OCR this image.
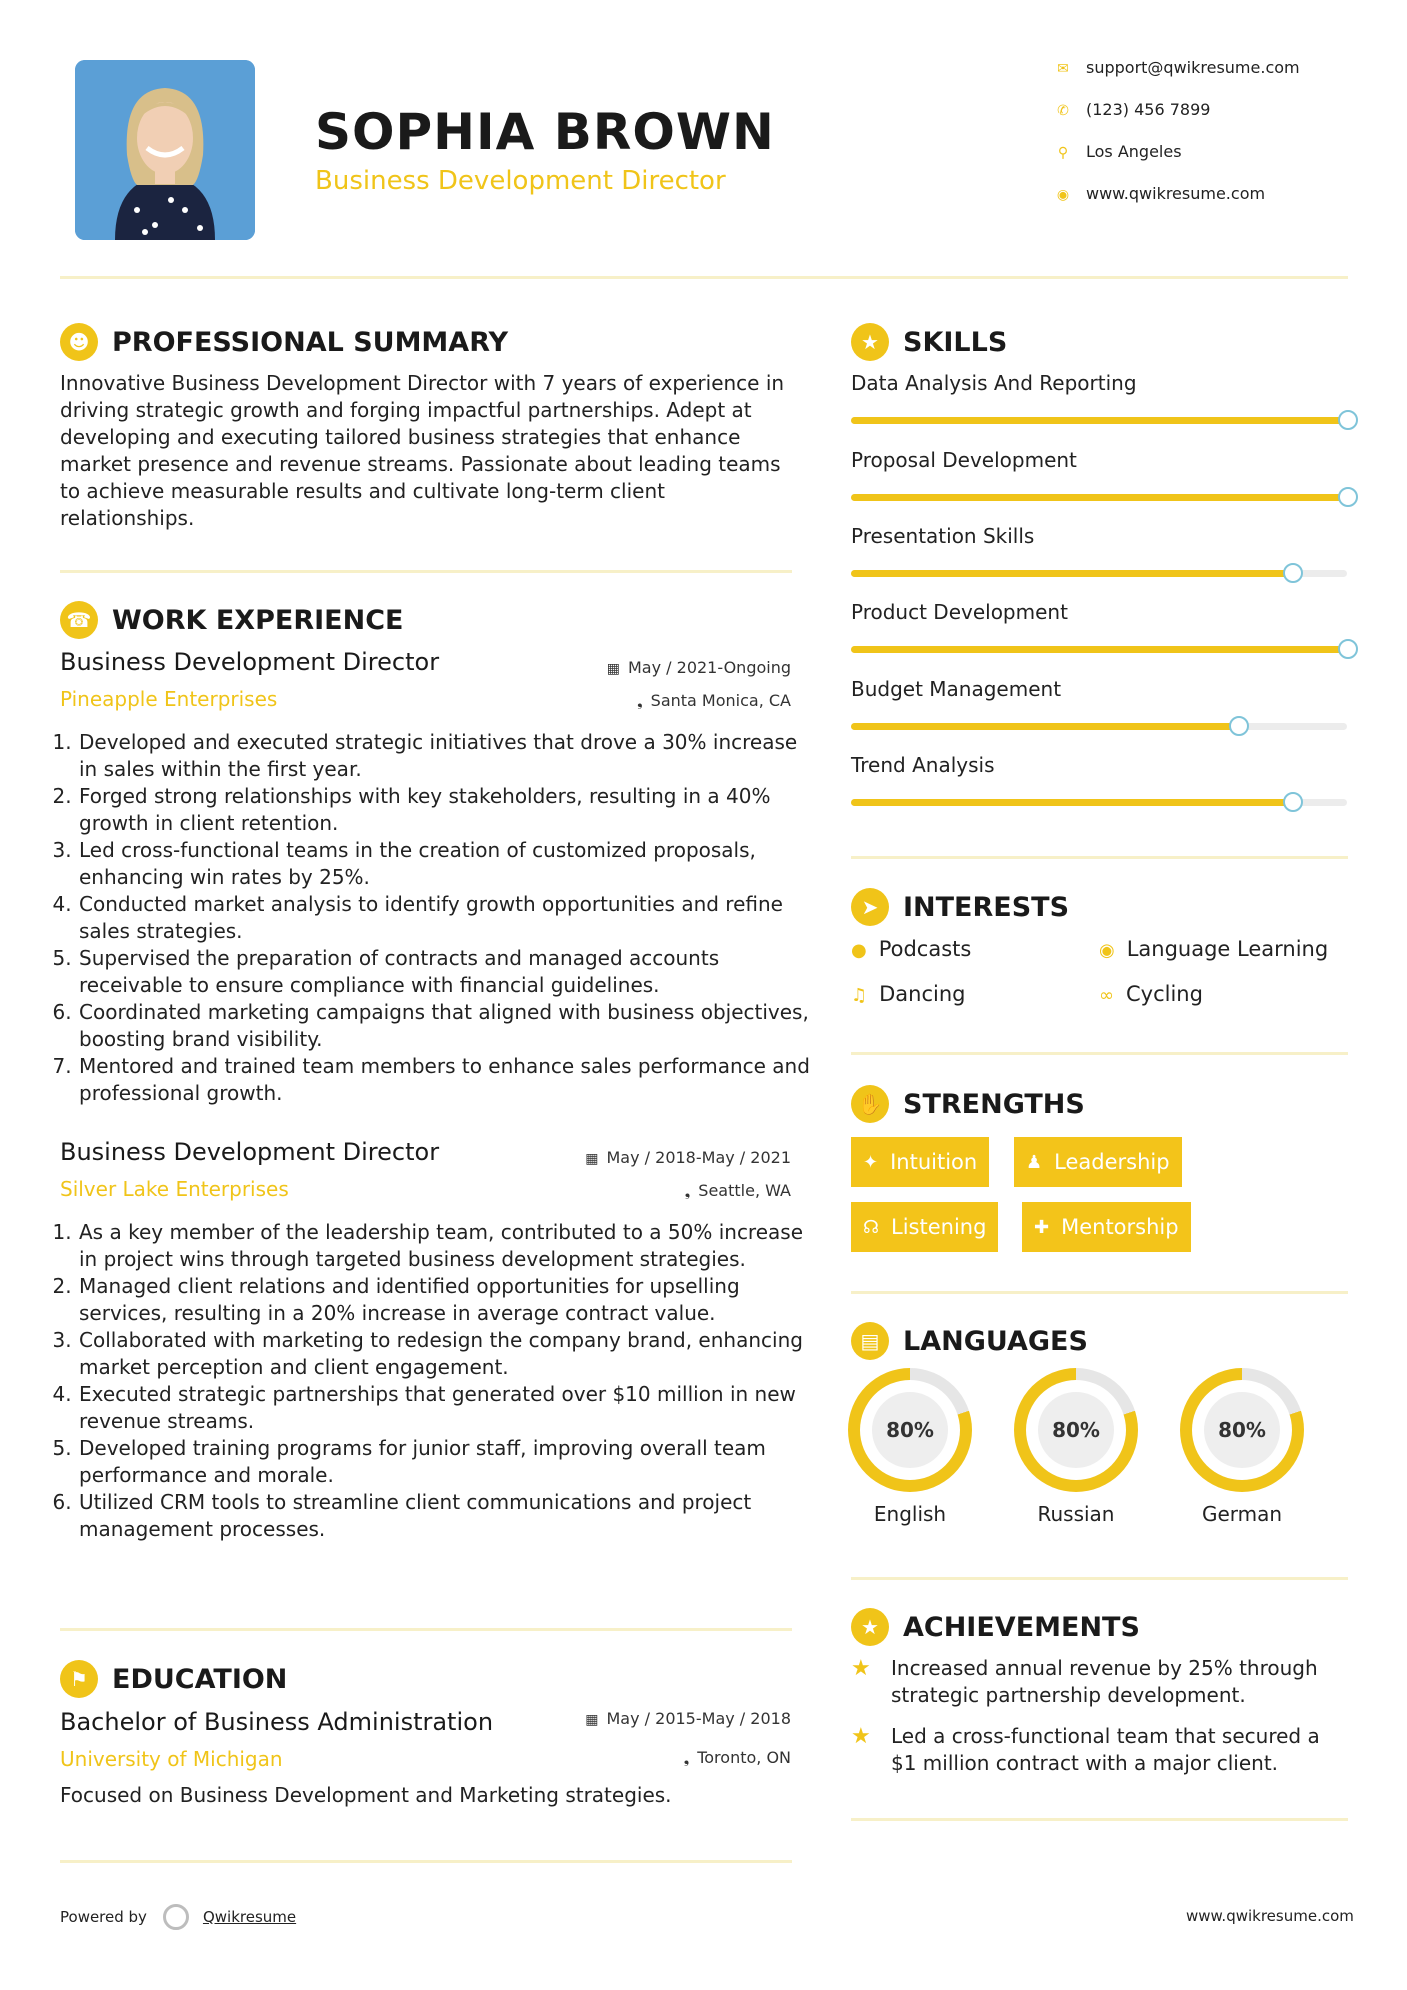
SOPHIA BROWN
Business Development Director
✉ support@qwikresume.com
✆ (123) 456 7899
⚲ Los Angeles
◉ www.qwikresume.com
☻ PROFESSIONAL SUMMARY
Innovative Business Development Director with 7 years of experience in driving strategic growth and forging impactful partnerships. Adept at developing and executing tailored business strategies that enhance market presence and revenue streams. Passionate about leading teams to achieve measurable results and cultivate long-term client relationships.
☎ WORK EXPERIENCE
Business Development Director
Pineapple Enterprises
▦ May / 2021-Ongoing
❟ Santa Monica, CA
1. Developed and executed strategic initiatives that drove a 30% increase in sales within the first year.
2. Forged strong relationships with key stakeholders, resulting in a 40% growth in client retention.
3. Led cross-functional teams in the creation of customized proposals, enhancing win rates by 25%.
4. Conducted market analysis to identify growth opportunities and refine sales strategies.
5. Supervised the preparation of contracts and managed accounts receivable to ensure compliance with financial guidelines.
6. Coordinated marketing campaigns that aligned with business objectives, boosting brand visibility.
7. Mentored and trained team members to enhance sales performance and professional growth.
Business Development Director
Silver Lake Enterprises
▦ May / 2018-May / 2021
❟ Seattle, WA
1. As a key member of the leadership team, contributed to a 50% increase in project wins through targeted business development strategies.
2. Managed client relations and identified opportunities for upselling services, resulting in a 20% increase in average contract value.
3. Collaborated with marketing to redesign the company brand, enhancing market perception and client engagement.
4. Executed strategic partnerships that generated over $10 million in new revenue streams.
5. Developed training programs for junior staff, improving overall team performance and morale.
6. Utilized CRM tools to streamline client communications and project management processes.
⚑ EDUCATION
Bachelor of Business Administration
University of Michigan
▦ May / 2015-May / 2018
❟ Toronto, ON
Focused on Business Development and Marketing strategies.
★ SKILLS
Data Analysis And Reporting
Proposal Development
Presentation Skills
Product Development
Budget Management
Trend Analysis
➤ INTERESTS
● Podcasts	◉ Language Learning
♫ Dancing	∞ Cycling
✋ STRENGTHS
✦ Intuition	♟ Leadership
☊ Listening	✚ Mentorship
▤ LANGUAGES
80%
English
80%
Russian
80%
German
★ ACHIEVEMENTS
★	Increased annual revenue by 25% through strategic partnership development.
★	Led a cross-functional team that secured a $1 million contract with a major client.
Powered by	Qwikresume	www.qwikresume.com
